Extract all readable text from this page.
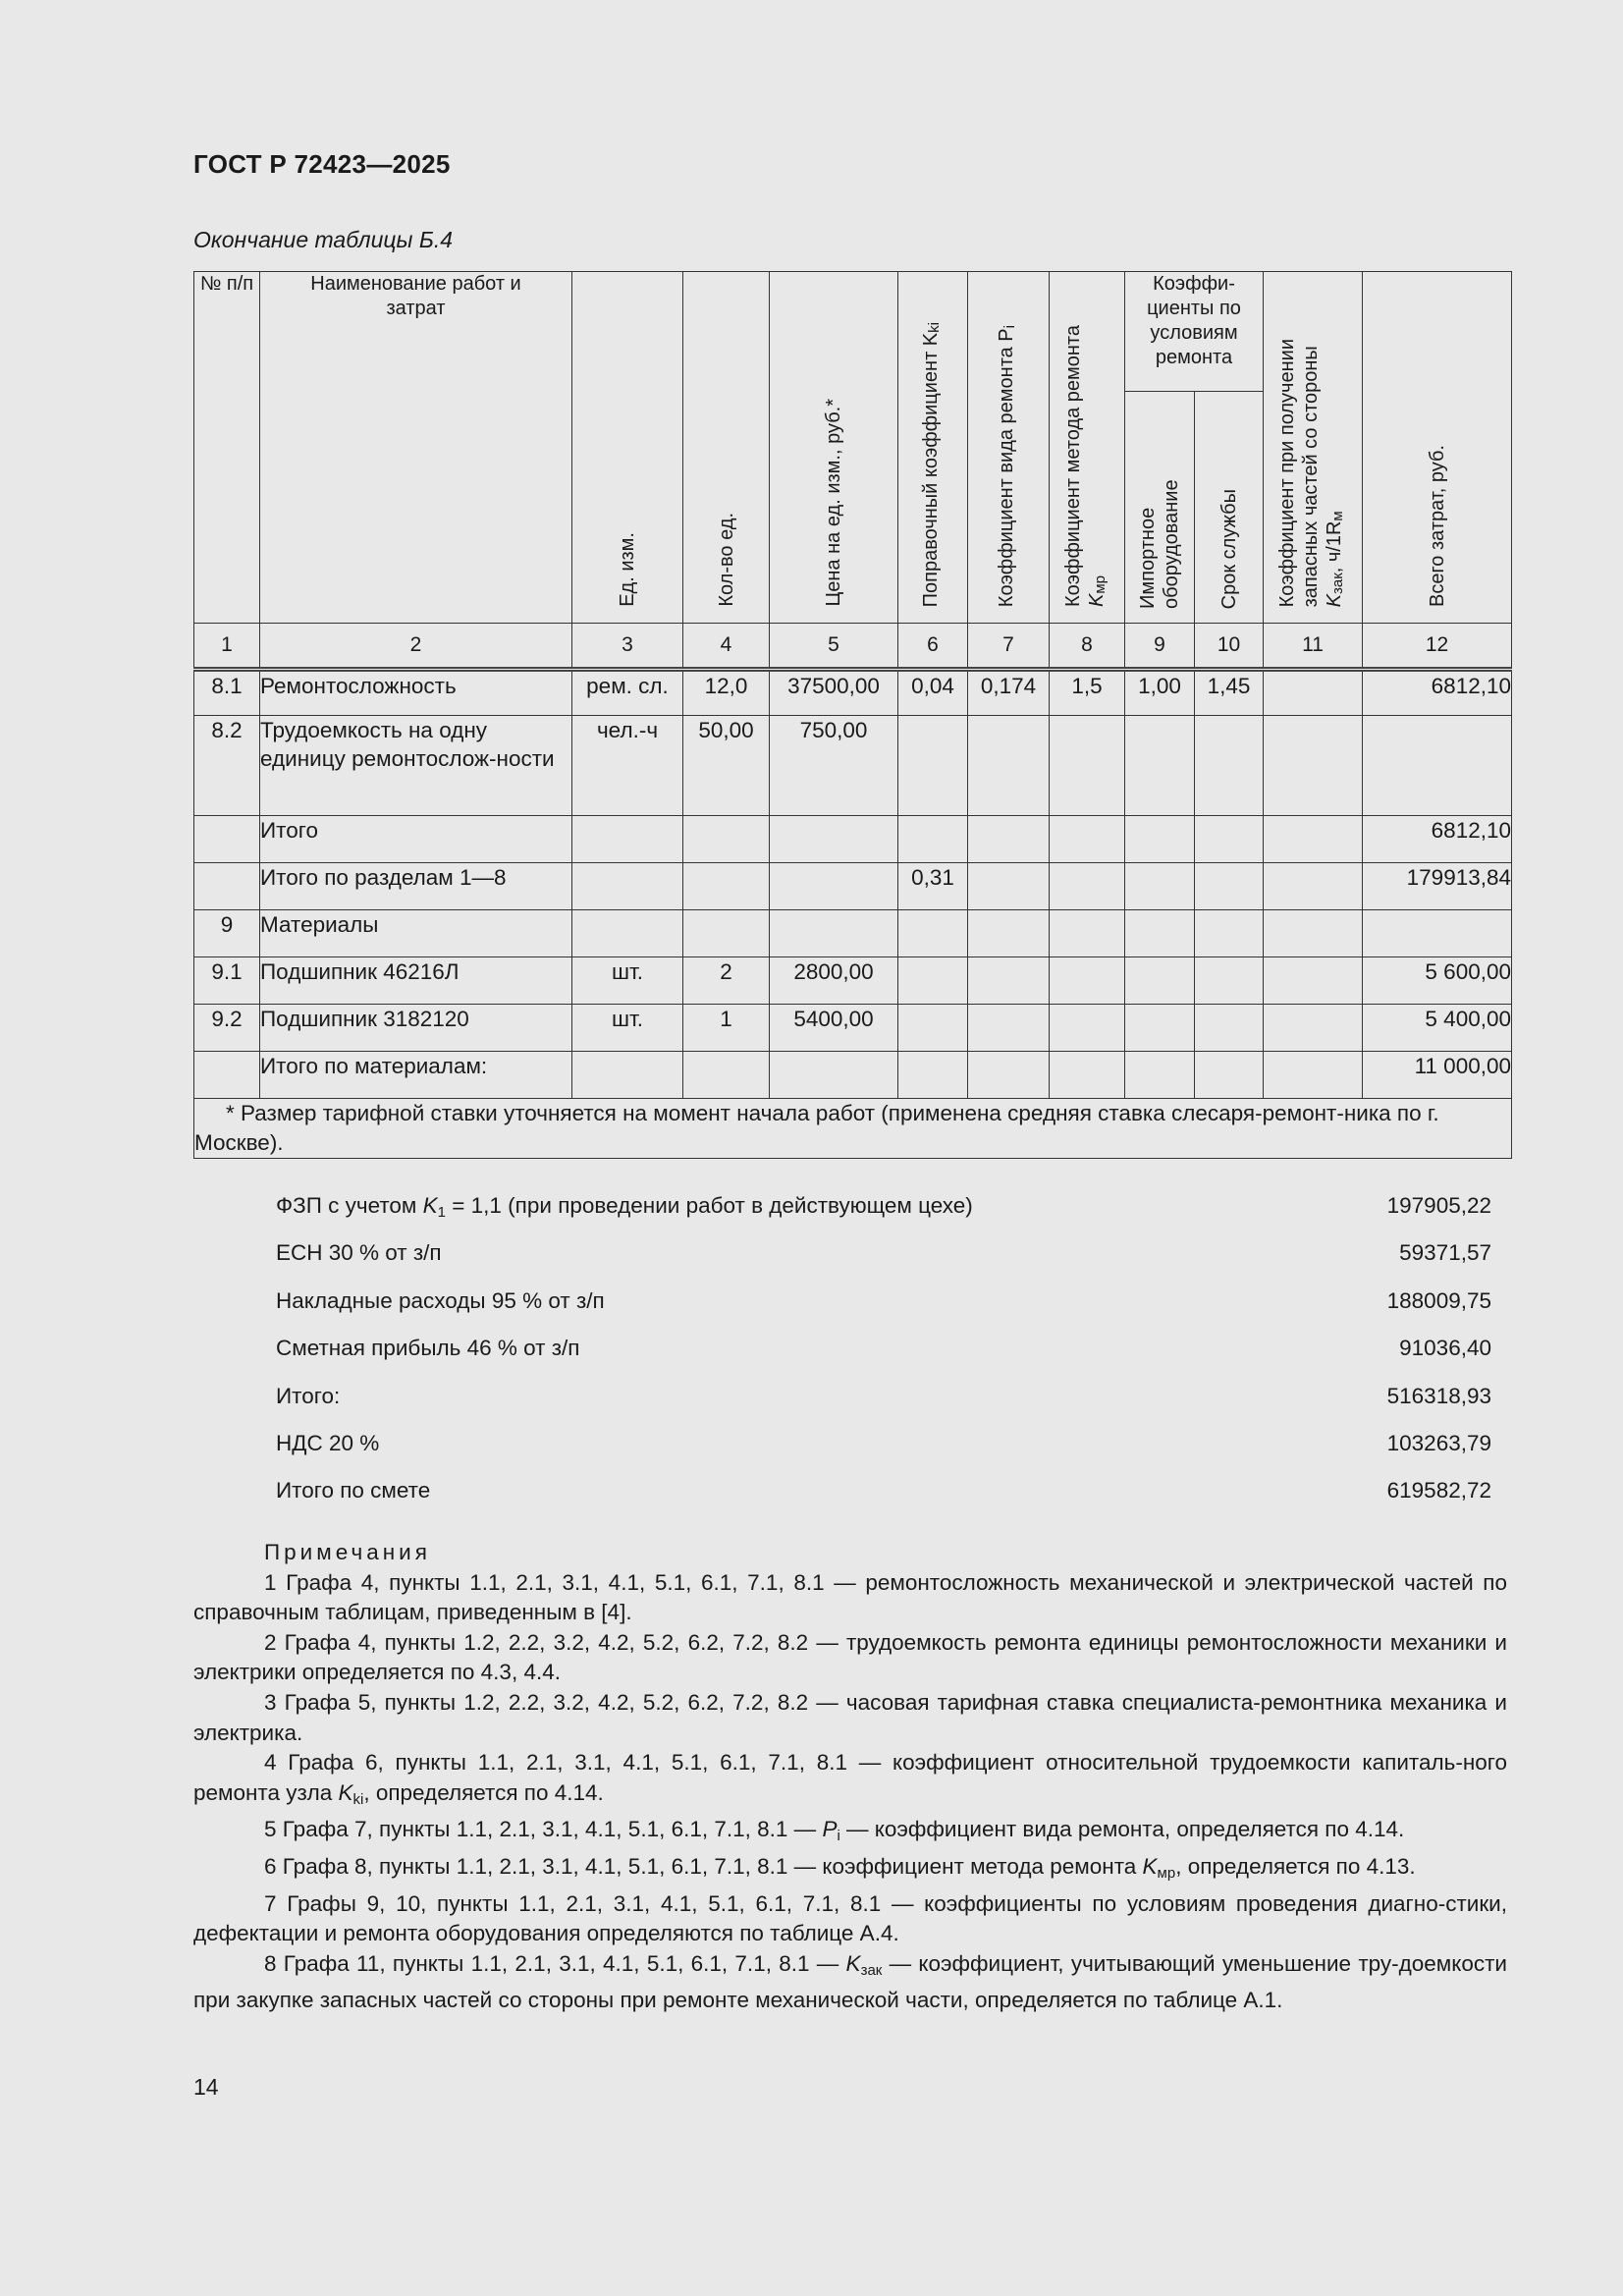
ГОСТ Р 72423—2025
Окончание таблицы Б.4
№ п/п	Наименование работ и затрат	Ед. изм.	Кол-во ед.	Цена на ед. изм., руб.*	Поправочный коэффициент $K_{ki}$	Коэффициент вида ремонта $P_i$	Коэффициент метода ремонта $K_{мр}$	Коэффи-циенты по условиям ремонта		Коэффициент при получении запасных частей со стороны $K_{зак}$, $ч/1R_м$	Всего затрат, руб.

								Импортное оборудование	Срок службы		

1	2	3	4	5	6	7	8	9	10	11	12
8.1	Ремонтосложность	рем. сл.	12,0	37500,00	0,04	0,174	1,5	1,00	1,45		6812,10
8.2	Трудоемкость на одну единицу ремонтослож-ности	чел.-ч	50,00	750,00							
	Итого										6812,10
	Итого по разделам 1—8				0,31						179913,84
9	Материалы										
9.1	Подшипник 46216Л	шт.	2	2800,00							5 600,00
9.2	Подшипник 3182120	шт.	1	5400,00							5 400,00
	Итого по материалам:										11 000,00
* Размер тарифной ставки уточняется на момент начала работ (применена средняя ставка слесаря-ремонт-ника по г. Москве).											
ФЗП с учетом $K_1 = 1,1$ (при проведении работ в действующем цехе)	197905,22
ЕСН 30 % от з/п	59371,57
Накладные расходы 95 % от з/п	188009,75
Сметная прибыль 46 % от з/п	91036,40
Итого:	516318,93
НДС 20 %	103263,79
Итого по смете	619582,72
Примечания
1 Графа 4, пункты 1.1, 2.1, 3.1, 4.1, 5.1, 6.1, 7.1, 8.1 — ремонтосложность механической и электрической частей по справочным таблицам, приведенным в [4].
2 Графа 4, пункты 1.2, 2.2, 3.2, 4.2, 5.2, 6.2, 7.2, 8.2 — трудоемкость ремонта единицы ремонтосложности механики и электрики определяется по 4.3, 4.4.
3 Графа 5, пункты 1.2, 2.2, 3.2, 4.2, 5.2, 6.2, 7.2, 8.2 — часовая тарифная ставка специалиста-ремонтника механика и электрика.
4 Графа 6, пункты 1.1, 2.1, 3.1, 4.1, 5.1, 6.1, 7.1, 8.1 — коэффициент относительной трудоемкости капиталь-ного ремонта узла $K_{ki}$, определяется по 4.14.
5 Графа 7, пункты 1.1, 2.1, 3.1, 4.1, 5.1, 6.1, 7.1, 8.1 — $P_i$ — коэффициент вида ремонта, определяется по 4.14.
6 Графа 8, пункты 1.1, 2.1, 3.1, 4.1, 5.1, 6.1, 7.1, 8.1 — коэффициент метода ремонта $K_{мр}$, определяется по 4.13.
7 Графы 9, 10, пункты 1.1, 2.1, 3.1, 4.1, 5.1, 6.1, 7.1, 8.1 — коэффициенты по условиям проведения диагно-стики, дефектации и ремонта оборудования определяются по таблице А.4.
8 Графа 11, пункты 1.1, 2.1, 3.1, 4.1, 5.1, 6.1, 7.1, 8.1 — $K_{зак}$ — коэффициент, учитывающий уменьшение тру-доемкости при закупке запасных частей со стороны при ремонте механической части, определяется по таблице А.1.
14
